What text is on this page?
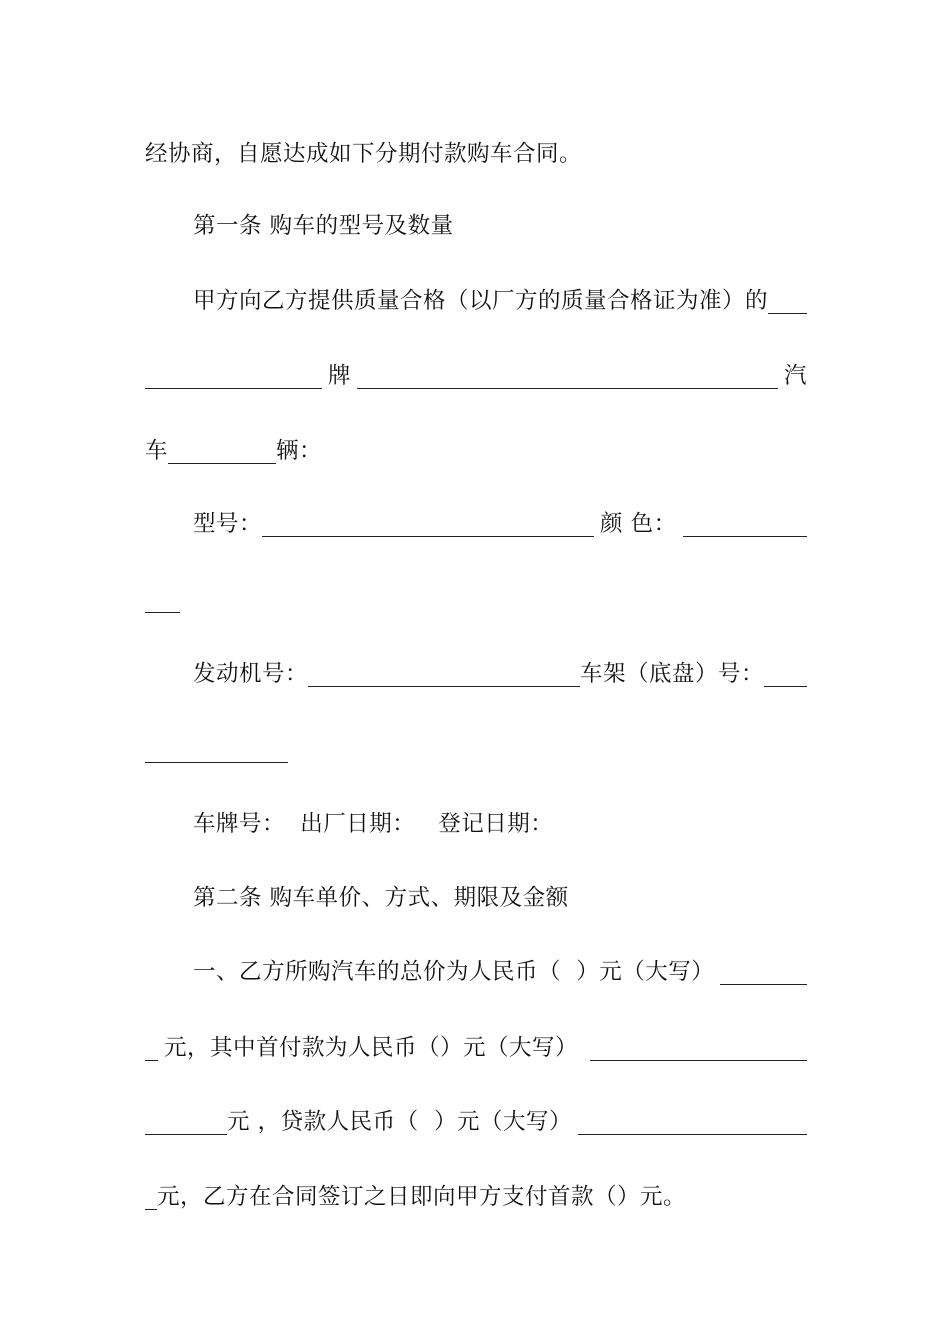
经协商，自愿达成如下分期付款购车合同。
第一条 购车的型号及数量
甲方向乙方提供质量合格（以厂方的质量合格证为准）的
牌	汽
车	辆：
型号：	颜 色：
发动机号：	车架（底盘）号：
车牌号：  出厂日期：   登记日期：
第二条 购车单价、方式、期限及金额
一、乙方所购汽车的总价为人民币（  ）元（大写）
元，其中首付款为人民币（）元（大写）
元 ，贷款人民币（  ）元（大写）
元，乙方在合同签订之日即向甲方支付首款（）元。
